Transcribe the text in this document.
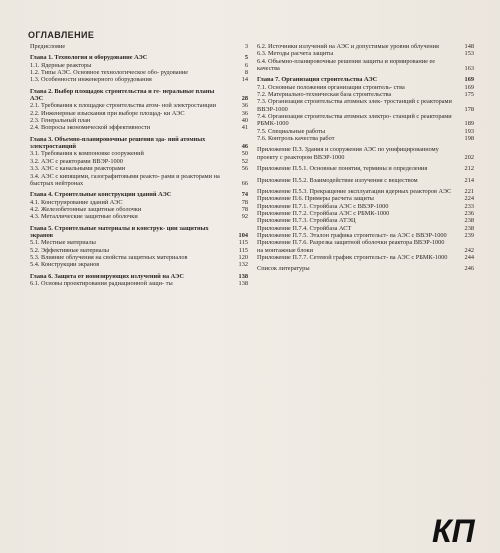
ОГЛАВЛЕНИЕ
Предисловие	3
Глава 1. Технология и оборудование АЭС	5
1.1. Ядерные реакторы	6
1.2. Типы АЭС. Основное технологическое обо- рудование	8
1.3. Особенности инженерного оборудования	14
Глава 2. Выбор площадок строительства и ге- неральные планы АЭС	28
2.1. Требования к площадке строительства атом- ной электростанции	36
2.2. Инженерные изыскания при выборе площад- ки АЭС	36
2.3. Генеральный план	40
2.4. Вопросы экономической эффективности	41
Глава 3. Объемно-планировочные решения зда- ний атомных электростанций	46
3.1. Требования к компоновке сооружений	50
3.2. АЭС с реакторами ВВЭР-1000	52
3.3. АЭС с канальными реакторами	56
3.4. АЭС с кипящими, газографитовыми реакто- рами и реакторами на быстрых нейтронах	66
Глава 4. Строительные конструкции зданий АЭС	74
4.1. Конструирование зданий АЭС	78
4.2. Железобетонные защитные оболочки	78
4.3. Металлические защитные оболочки	92
Глава 5. Строительные материалы и конструк- ции защитных экранов	104
5.1. Местные материалы	115
5.2. Эффективные материалы	115
5.3. Влияние облучения на свойства защитных материалов	120
5.4. Конструкции экранов	132
Глава 6. Защита от ионизирующих излучений на АЭС	138
6.1. Основы проектирования радиационной защи- ты	138
6.2. Источники излучений на АЭС и допустимые уровни облучения	148
6.3. Методы расчета защиты	153
6.4. Объемно-планировочные решения защиты и нормирование ее качества	163
Глава 7. Организация строительства АЭС	169
7.1. Основные положения организации строитель- ства	169
7.2. Материально-техническая база строительства	175
7.3. Организация строительства атомных элек- тростанций с реакторами ВВЭР-1000	178
7.4. Организация строительства атомных электро- станций с реакторами РБМК-1000	189
7.5. Специальные работы	193
7.6. Контроль качества работ	198
Приложение П.З. Здания и сооружения АЭС по унифицированному проекту с реактором ВВЭР-1000	202
Приложение П.5.1. Основные понятия, термины и определения	212
Приложение П.5.2. Взаимодействие излучения с веществом	214
Приложение П.5.3. Прекращение эксплуатации ядерных реакторов АЭС	221
Приложение П.6. Примеры расчета защиты	224
Приложение П.7.1. Стройбаза АЭС с ВВЭР-1000	233
Приложение П.7.2. Стройбаза АЭС с РБМК-1000	236
Приложение П.7.3. Стройбаза АТЭЦ	238
Приложение П.7.4. Стройбаза АСТ	238
Приложение П.7.5. Эталон графика строительст- ва АЭС с ВВЭР-1000	239
Приложение П.7.6. Разрезка защитной оболочки реактора ВВЭР-1000 на монтажные блоки	242
Приложение П.7.7. Сетевой график строительст- ва АЭС с РБМК-1000	244
Список литературы	246
КП
